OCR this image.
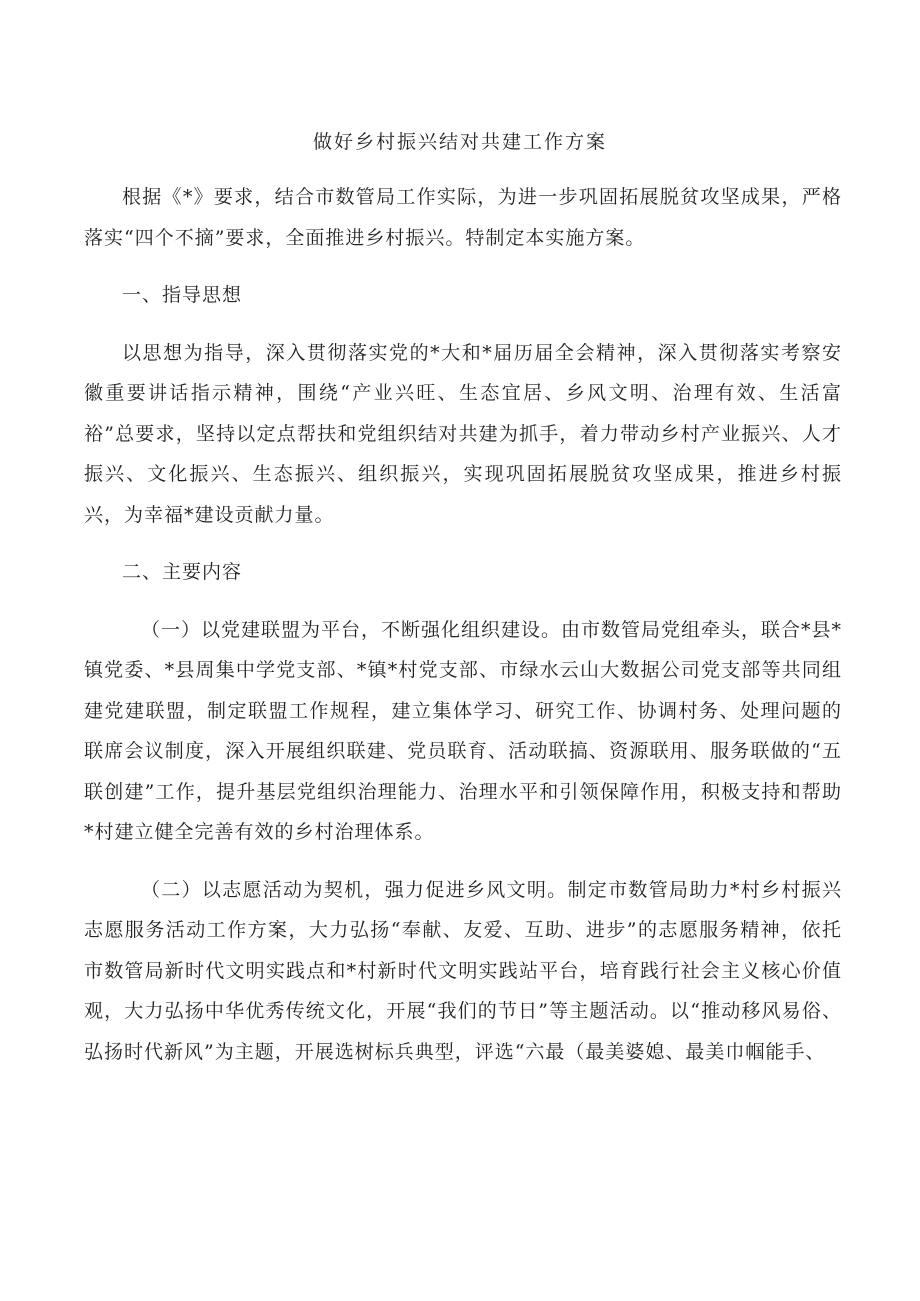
做好乡村振兴结对共建工作方案

根据《*》要求，结合市数管局工作实际，为进一步巩固拓展脱贫攻坚成果，严格落实“四个不摘”要求，全面推进乡村振兴。特制定本实施方案。

一、指导思想

以思想为指导，深入贯彻落实党的*大和*届历届全会精神，深入贯彻落实考察安徽重要讲话指示精神，围绕“产业兴旺、生态宜居、乡风文明、治理有效、生活富裕”总要求，坚持以定点帮扶和党组织结对共建为抓手，着力带动乡村产业振兴、人才振兴、文化振兴、生态振兴、组织振兴，实现巩固拓展脱贫攻坚成果，推进乡村振兴，为幸福*建设贡献力量。

二、主要内容

（一）以党建联盟为平台，不断强化组织建设。由市数管局党组牵头，联合*县*镇党委、*县周集中学党支部、*镇*村党支部、市绿水云山大数据公司党支部等共同组建党建联盟，制定联盟工作规程，建立集体学习、研究工作、协调村务、处理问题的联席会议制度，深入开展组织联建、党员联育、活动联搞、资源联用、服务联做的“五联创建”工作，提升基层党组织治理能力、治理水平和引领保障作用，积极支持和帮助*村建立健全完善有效的乡村治理体系。

（二）以志愿活动为契机，强力促进乡风文明。制定市数管局助力*村乡村振兴志愿服务活动工作方案，大力弘扬“奉献、友爱、互助、进步”的志愿服务精神，依托市数管局新时代文明实践点和*村新时代文明实践站平台，培育践行社会主义核心价值观，大力弘扬中华优秀传统文化，开展“我们的节日”等主题活动。以“推动移风易俗、弘扬时代新风”为主题，开展选树标兵典型，评选“六最（最美婆媳、最美巾帼能手、
